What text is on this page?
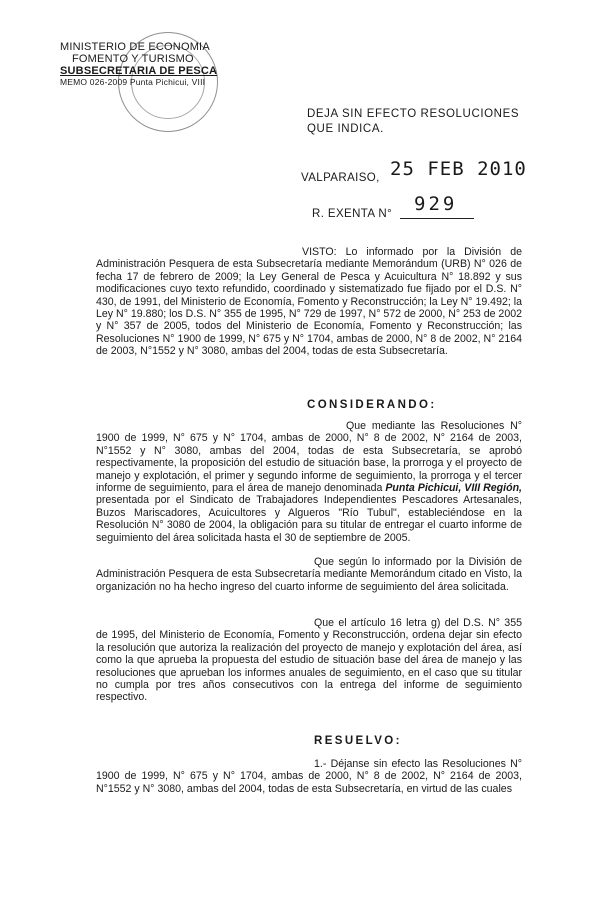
MINISTERIO DE ECONOMIA
FOMENTO Y TURISMO
SUBSECRETARIA DE PESCA
MEMO 026-2009 Punta Pichicui, VIII
DEJA SIN EFECTO RESOLUCIONES QUE INDICA.
VALPARAISO, 25 FEB 2010
R. EXENTA N° 929
VISTO: Lo informado por la División de Administración Pesquera de esta Subsecretaría mediante Memorándum (URB) N° 026 de fecha 17 de febrero de 2009; la Ley General de Pesca y Acuicultura N° 18.892 y sus modificaciones cuyo texto refundido, coordinado y sistematizado fue fijado por el D.S. N° 430, de 1991, del Ministerio de Economía, Fomento y Reconstrucción; la Ley N° 19.492; la Ley N° 19.880; los D.S. N° 355 de 1995, N° 729 de 1997, N° 572 de 2000, N° 253 de 2002 y N° 357 de 2005, todos del Ministerio de Economía, Fomento y Reconstrucción; las Resoluciones N° 1900 de 1999, N° 675 y N° 1704, ambas de 2000, N° 8 de 2002, N° 2164 de 2003, N°1552 y N° 3080, ambas del 2004, todas de esta Subsecretaría.
CONSIDERANDO:
Que mediante las Resoluciones N° 1900 de 1999, N° 675 y N° 1704, ambas de 2000, N° 8 de 2002, N° 2164 de 2003, N°1552 y N° 3080, ambas del 2004, todas de esta Subsecretaría, se aprobó respectivamente, la proposición del estudio de situación base, la prorroga y el proyecto de manejo y explotación, el primer y segundo informe de seguimiento, la prorroga y el tercer informe de seguimiento, para el área de manejo denominada Punta Pichicui, VIII Región, presentada por el Sindicato de Trabajadores Independientes Pescadores Artesanales, Buzos Mariscadores, Acuicultores y Algueros "Río Tubul", estableciéndose en la Resolución N° 3080 de 2004, la obligación para su titular de entregar el cuarto informe de seguimiento del área solicitada hasta el 30 de septiembre de 2005.
Que según lo informado por la División de Administración Pesquera de esta Subsecretaría mediante Memorándum citado en Visto, la organización no ha hecho ingreso del cuarto informe de seguimiento del área solicitada.
Que el artículo 16 letra g) del D.S. N° 355 de 1995, del Ministerio de Economía, Fomento y Reconstrucción, ordena dejar sin efecto la resolución que autoriza la realización del proyecto de manejo y explotación del área, así como la que aprueba la propuesta del estudio de situación base del área de manejo y las resoluciones que aprueban los informes anuales de seguimiento, en el caso que su titular no cumpla por tres años consecutivos con la entrega del informe de seguimiento respectivo.
RESUELVO:
1.- Déjanse sin efecto las Resoluciones N° 1900 de 1999, N° 675 y N° 1704, ambas de 2000, N° 8 de 2002, N° 2164 de 2003, N°1552 y N° 3080, ambas del 2004, todas de esta Subsecretaría, en virtud de las cuales
